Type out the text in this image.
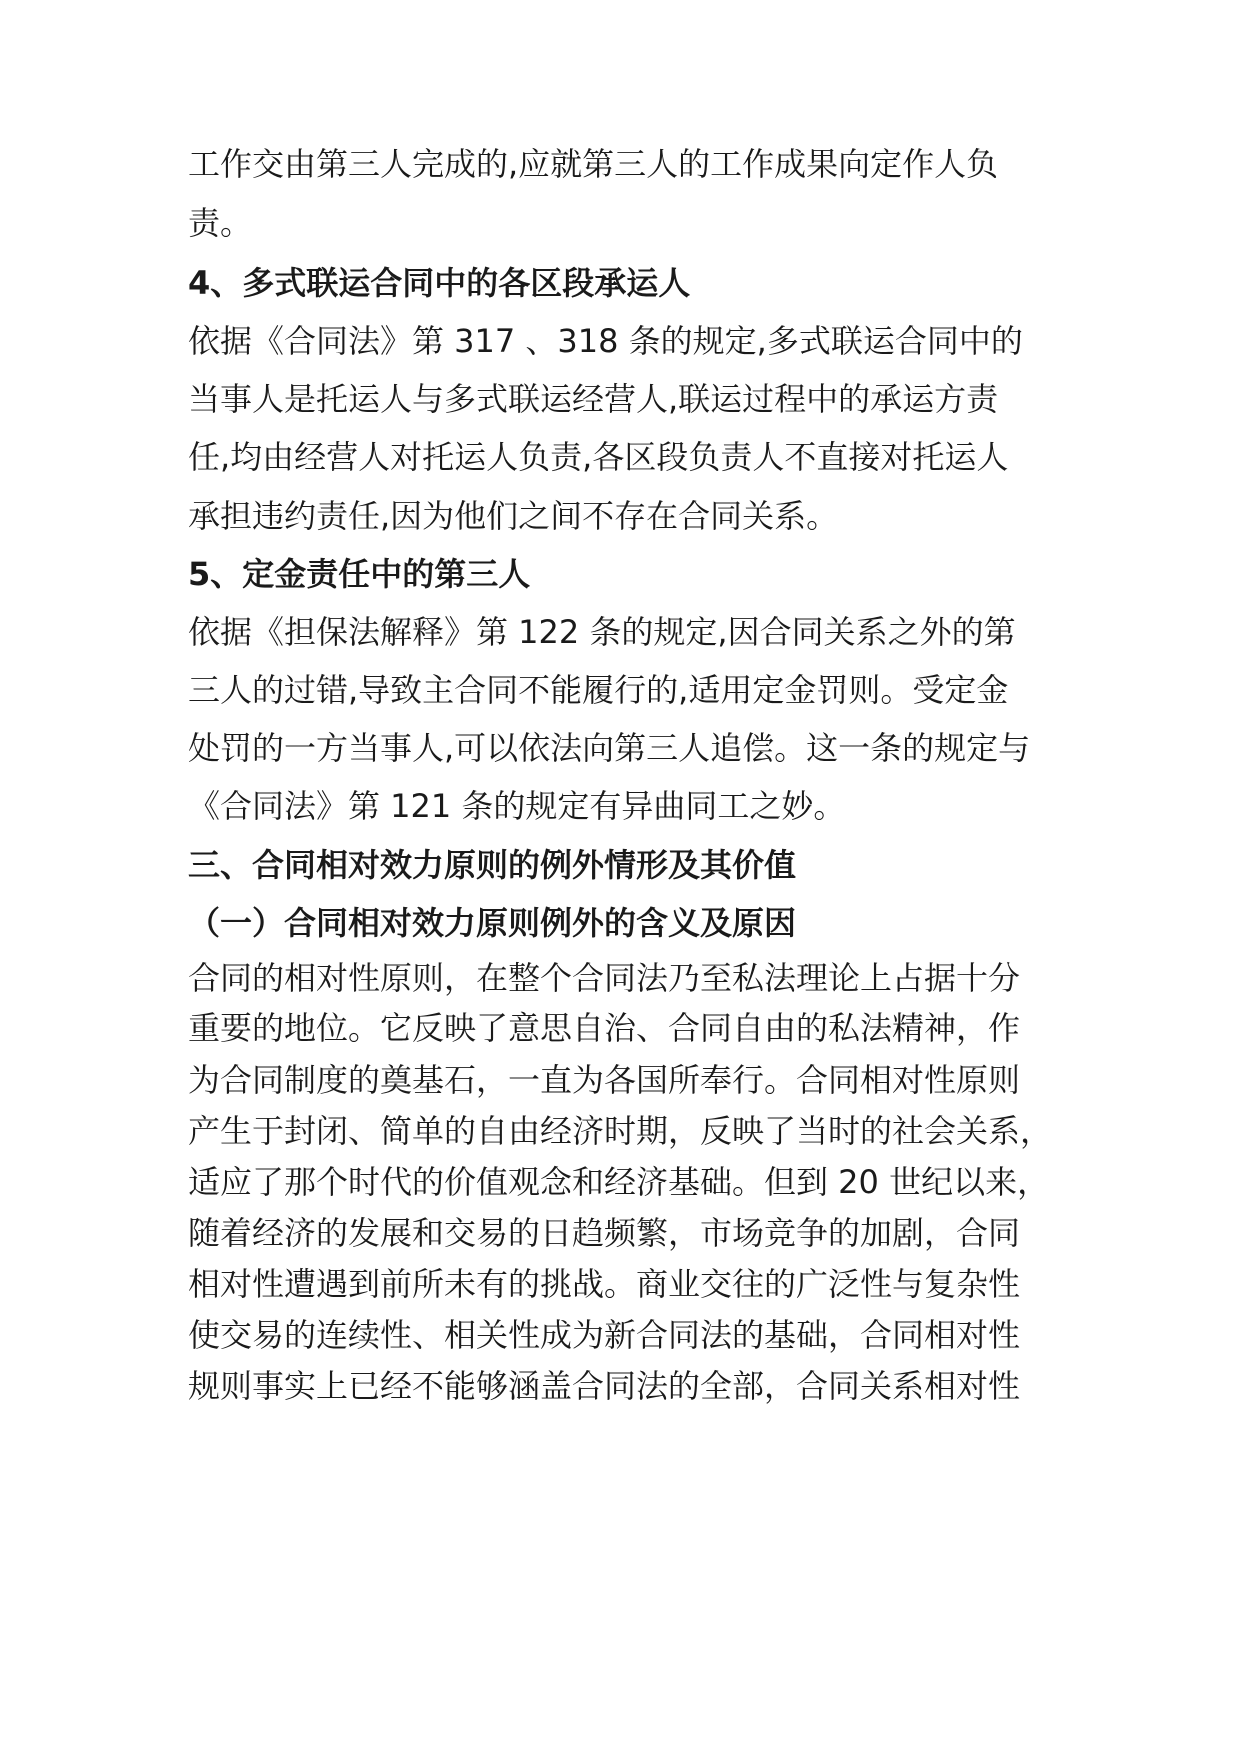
工作交由第三人完成的,应就第三人的工作成果向定作人负
责。
4、多式联运合同中的各区段承运人
依据《合同法》第 317 、318 条的规定,多式联运合同中的
当事人是托运人与多式联运经营人,联运过程中的承运方责
任,均由经营人对托运人负责,各区段负责人不直接对托运人
承担违约责任,因为他们之间不存在合同关系。
5、定金责任中的第三人
依据《担保法解释》第 122 条的规定,因合同关系之外的第
三人的过错,导致主合同不能履行的,适用定金罚则。受定金
处罚的一方当事人,可以依法向第三人追偿。这一条的规定与
《合同法》第 121 条的规定有异曲同工之妙。
三、合同相对效力原则的例外情形及其价值
（一）合同相对效力原则例外的含义及原因
合同的相对性原则，在整个合同法乃至私法理论上占据十分
重要的地位。它反映了意思自治、合同自由的私法精神，作
为合同制度的奠基石，一直为各国所奉行。合同相对性原则
产生于封闭、简单的自由经济时期，反映了当时的社会关系，
适应了那个时代的价值观念和经济基础。但到 20 世纪以来，
随着经济的发展和交易的日趋频繁，市场竞争的加剧，合同
相对性遭遇到前所未有的挑战。商业交往的广泛性与复杂性
使交易的连续性、相关性成为新合同法的基础，合同相对性
规则事实上已经不能够涵盖合同法的全部，合同关系相对性
